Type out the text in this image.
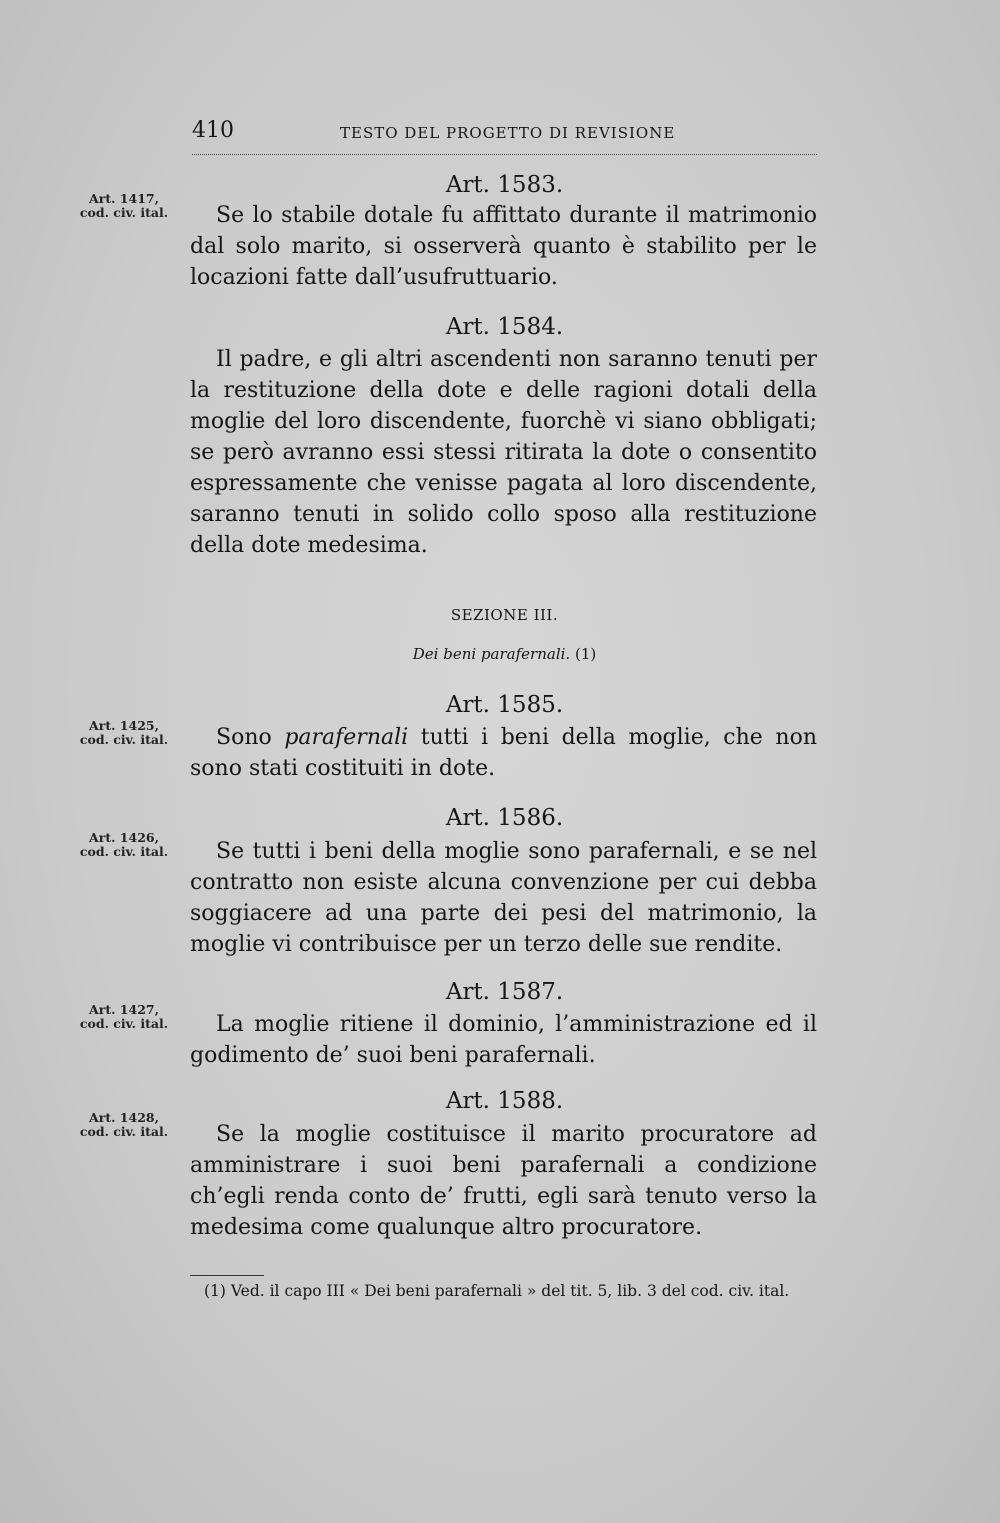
410	TESTO DEL PROGETTO DI REVISIONE
Art. 1583.
Art. 1417,
cod. civ. ital.	Se lo stabile dotale fu affittato durante il matrimonio dal solo marito, si osserverà quanto è stabilito per le locazioni fatte dall’usufruttuario.

Art. 1584.

Il padre, e gli altri ascendenti non saranno tenuti per la restituzione della dote e delle ragioni dotali della moglie del loro discendente, fuorchè vi siano obbligati; se però avranno essi stessi ritirata la dote o consentito espressamente che venisse pagata al loro discendente, saranno tenuti in solido collo sposo alla restituzione della dote medesima.

SEZIONE III.
Dei beni parafernali. (1)
Art. 1585.
Art. 1425,
cod. civ. ital.	Sono parafernali tutti i beni della moglie, che non sono stati costituiti in dote.

Art. 1586.
Art. 1426,
cod. civ. ital.	Se tutti i beni della moglie sono parafernali, e se nel contratto non esiste alcuna convenzione per cui debba soggiacere ad una parte dei pesi del matrimonio, la moglie vi contribuisce per un terzo delle sue rendite.

Art. 1587.
Art. 1427,
cod. civ. ital.	La moglie ritiene il dominio, l’amministrazione ed il godimento de’ suoi beni parafernali.

Art. 1588.
Art. 1428,
cod. civ. ital.	Se la moglie costituisce il marito procuratore ad amministrare i suoi beni parafernali a condizione ch’egli renda conto de’ frutti, egli sarà tenuto verso la medesima come qualunque altro procuratore.

(1) Ved. il capo III « Dei beni parafernali » del tit. 5, lib. 3 del cod. civ. ital.
